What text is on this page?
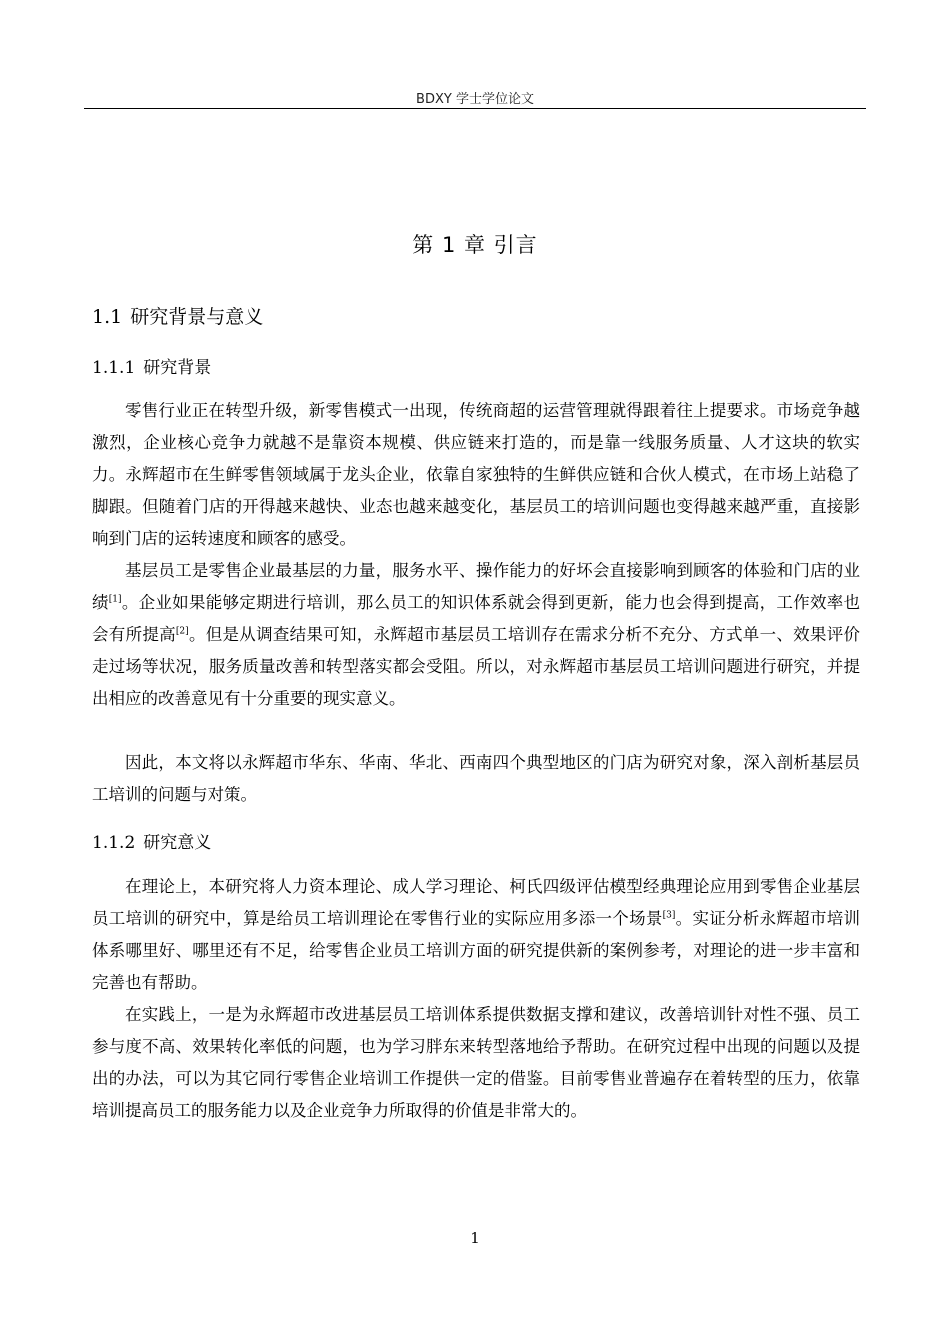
BDXY 学士学位论文
第 1 章 引言
1.1 研究背景与意义
1.1.1 研究背景

零售行业正在转型升级，新零售模式一出现，传统商超的运营管理就得跟着往上提要求。市场竞争越激烈，企业核心竞争力就越不是靠资本规模、供应链来打造的，而是靠一线服务质量、人才这块的软实力。永辉超市在生鲜零售领域属于龙头企业，依靠自家独特的生鲜供应链和合伙人模式，在市场上站稳了脚跟。但随着门店的开得越来越快、业态也越来越变化，基层员工的培训问题也变得越来越严重，直接影响到门店的运转速度和顾客的感受。

基层员工是零售企业最基层的力量，服务水平、操作能力的好坏会直接影响到顾客的体验和门店的业绩[1]。企业如果能够定期进行培训，那么员工的知识体系就会得到更新，能力也会得到提高，工作效率也会有所提高[2]。但是从调查结果可知，永辉超市基层员工培训存在需求分析不充分、方式单一、效果评价走过场等状况，服务质量改善和转型落实都会受阻。所以，对永辉超市基层员工培训问题进行研究，并提出相应的改善意见有十分重要的现实意义。

因此，本文将以永辉超市华东、华南、华北、西南四个典型地区的门店为研究对象，深入剖析基层员工培训的问题与对策。

1.1.2 研究意义

在理论上，本研究将人力资本理论、成人学习理论、柯氏四级评估模型经典理论应用到零售企业基层员工培训的研究中，算是给员工培训理论在零售行业的实际应用多添一个场景[3]。实证分析永辉超市培训体系哪里好、哪里还有不足，给零售企业员工培训方面的研究提供新的案例参考，对理论的进一步丰富和完善也有帮助。

在实践上，一是为永辉超市改进基层员工培训体系提供数据支撑和建议，改善培训针对性不强、员工参与度不高、效果转化率低的问题，也为学习胖东来转型落地给予帮助。在研究过程中出现的问题以及提出的办法，可以为其它同行零售企业培训工作提供一定的借鉴。目前零售业普遍存在着转型的压力，依靠培训提高员工的服务能力以及企业竞争力所取得的价值是非常大的。

1
